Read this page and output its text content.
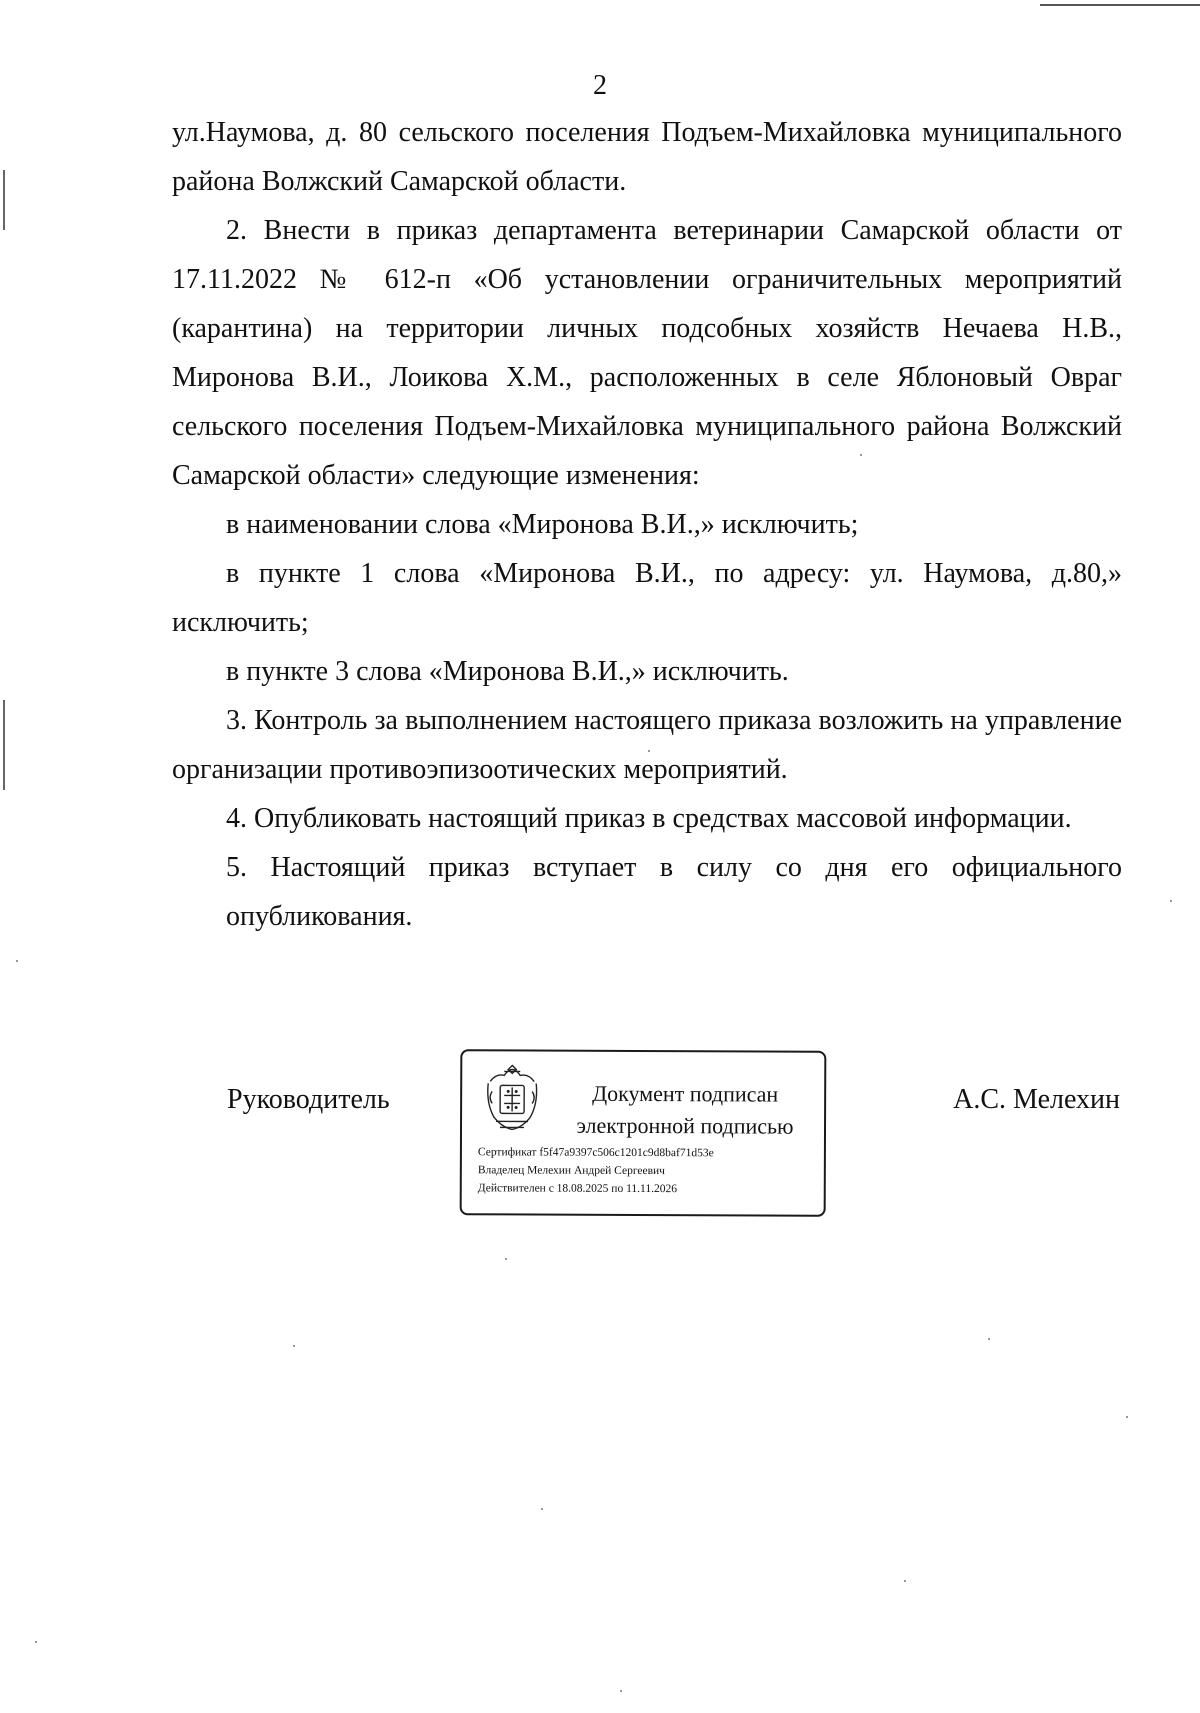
2

ул.Наумова, д. 80 сельского поселения Подъем-Михайловка муниципального района Волжский Самарской области.

2. Внести в приказ департамента ветеринарии Самарской области от 17.11.2022 № 612-п «Об установлении ограничительных мероприятий (карантина) на территории личных подсобных хозяйств Нечаева Н.В., Миронова В.И., Лоикова Х.М., расположенных в селе Яблоновый Овраг сельского поселения Подъем-Михайловка муниципального района Волжский Самарской области» следующие изменения:

в наименовании слова «Миронова В.И.,» исключить;

в пункте 1 слова «Миронова В.И., по адресу: ул. Наумова, д.80,» исключить;

в пункте 3 слова «Миронова В.И.,» исключить.

3. Контроль за выполнением настоящего приказа возложить на управление организации противоэпизоотических мероприятий.

4. Опубликовать настоящий приказ в средствах массовой информации.

5. Настоящий приказ вступает в силу со дня его официального опубликования.

Руководитель	Документ подписан
электронной подписью
Сертификат f5f47a9397c506c1201c9d8baf71d53e
Владелец Мелехин Андрей Сергеевич
Действителен с 18.08.2025 по 11.11.2026
А.С. Мелехин
